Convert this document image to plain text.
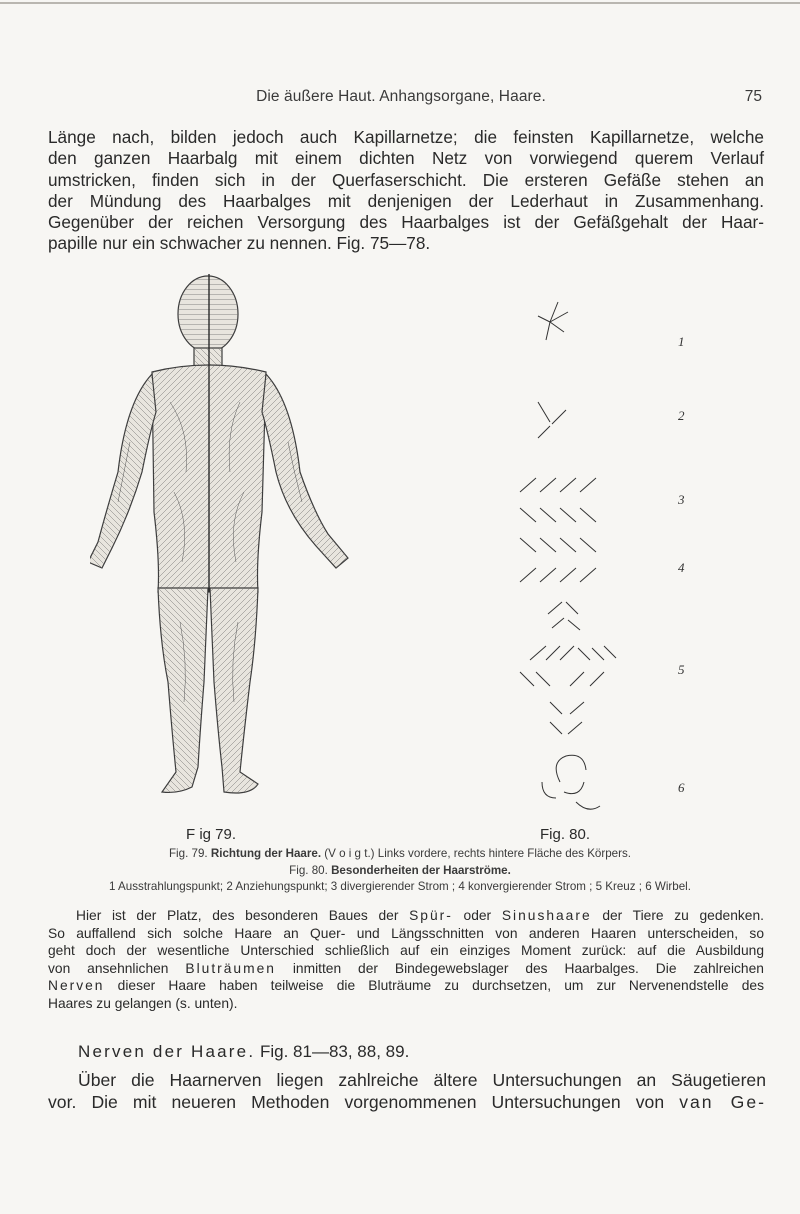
Die äußere Haut. Anhangsorgane, Haare.	75
Länge nach, bilden jedoch auch Kapillarnetze; die feinsten Kapillarnetze, welche
den ganzen Haarbalg mit einem dichten Netz von vorwiegend querem Verlauf
umstricken, finden sich in der Querfaserschicht. Die ersteren Gefäße stehen an
der Mündung des Haarbalges mit denjenigen der Lederhaut in Zusammenhang.
Gegenüber der reichen Versorgung des Haarbalges ist der Gefäßgehalt der Haar-
papille nur ein schwacher zu nennen. Fig. 75—78.
1
2
3
4
5
6
F ig 79.	Fig. 80.
Fig. 79. Richtung der Haare. (V o i g t.) Links vordere, rechts hintere Fläche des Körpers.
Fig. 80. Besonderheiten der Haarströme.
1 Ausstrahlungspunkt; 2 Anziehungspunkt; 3 divergierender Strom ; 4 konvergierender Strom ; 5 Kreuz ; 6 Wirbel.
Hier ist der Platz, des besonderen Baues der Spür- oder Sinushaare der Tiere zu gedenken.
So auffallend sich solche Haare an Quer- und Längsschnitten von anderen Haaren unterscheiden, so
geht doch der wesentliche Unterschied schließlich auf ein einziges Moment zurück: auf die Ausbildung
von ansehnlichen Bluträumen inmitten der Bindegewebslager des Haarbalges. Die zahlreichen
Nerven dieser Haare haben teilweise die Bluträume zu durchsetzen, um zur Nervenendstelle des
Haares zu gelangen (s. unten).
Nerven der Haare. Fig. 81—83, 88, 89.
Über die Haarnerven liegen zahlreiche ältere Untersuchungen an Säugetieren
vor. Die mit neueren Methoden vorgenommenen Untersuchungen von van Ge-
